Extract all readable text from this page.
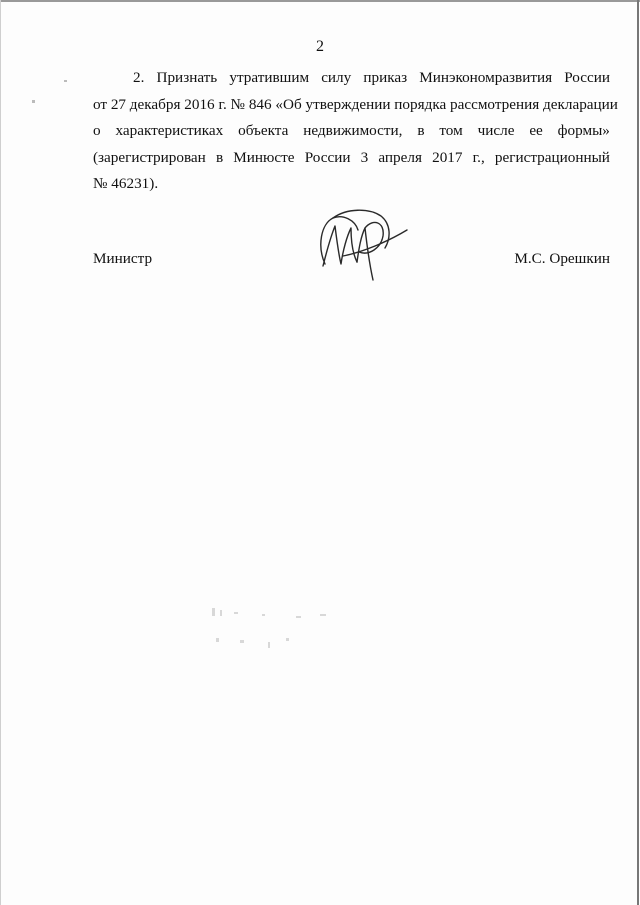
2
2. Признать утратившим силу приказ Минэкономразвития России
от 27 декабря 2016 г. № 846 «Об утверждении порядка рассмотрения декларации
о характеристиках объекта недвижимости, в том числе ее формы»
(зарегистрирован в Минюсте России 3 апреля 2017 г., регистрационный
№ 46231).
Министр	М.С. Орешкин
